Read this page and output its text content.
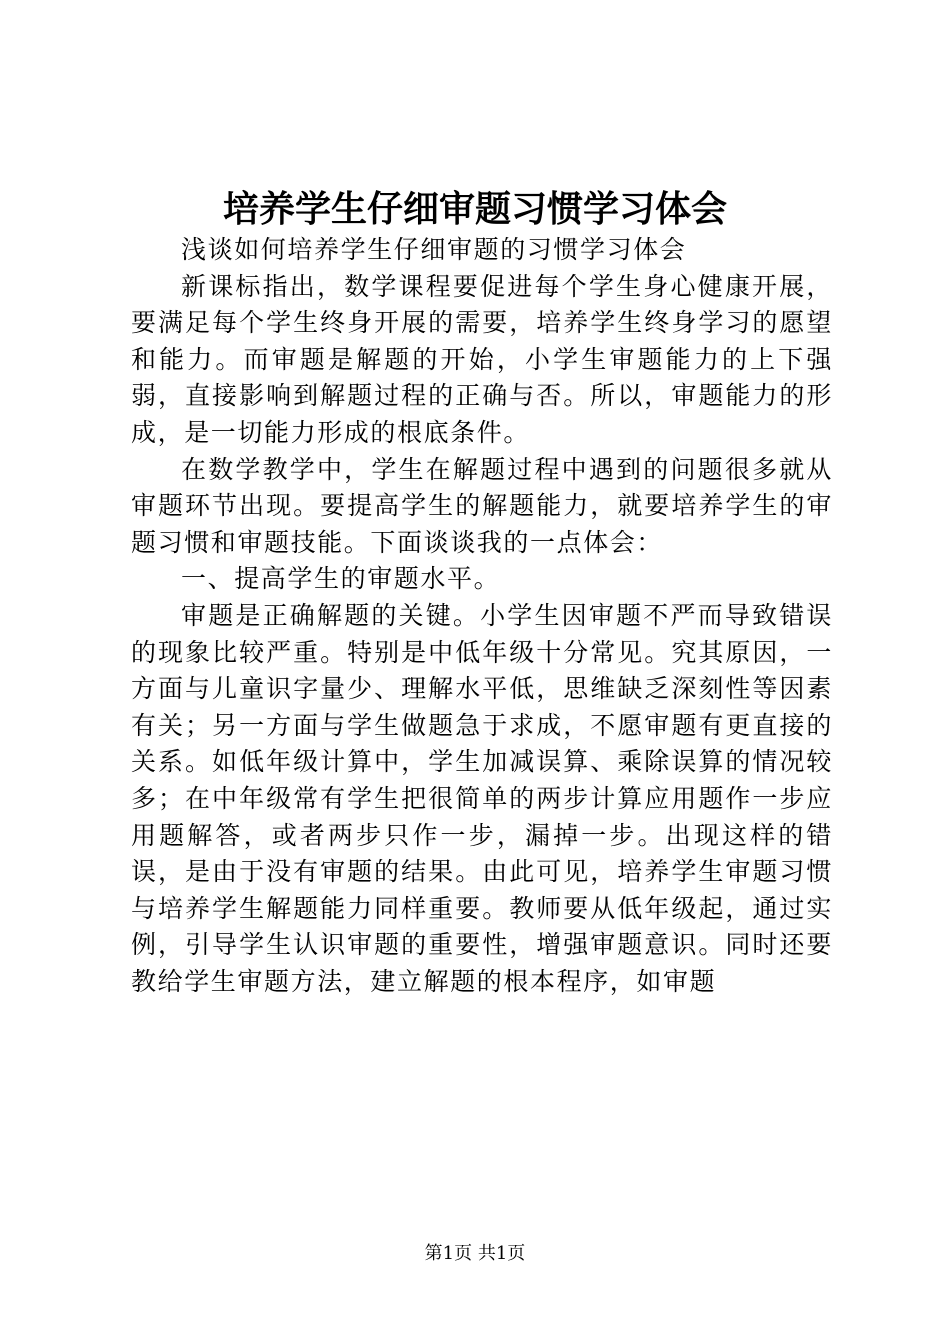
培养学生仔细审题习惯学习体会

浅谈如何培养学生仔细审题的习惯学习体会

新课标指出，数学课程要促进每个学生身心健康开展，要满足每个学生终身开展的需要，培养学生终身学习的愿望和能力。而审题是解题的开始，小学生审题能力的上下强弱，直接影响到解题过程的正确与否。所以，审题能力的形成，是一切能力形成的根底条件。

在数学教学中，学生在解题过程中遇到的问题很多就从审题环节出现。要提高学生的解题能力，就要培养学生的审题习惯和审题技能。下面谈谈我的一点体会：

一、提高学生的审题水平。

审题是正确解题的关键。小学生因审题不严而导致错误的现象比较严重。特别是中低年级十分常见。究其原因，一方面与儿童识字量少、理解水平低，思维缺乏深刻性等因素有关；另一方面与学生做题急于求成，不愿审题有更直接的关系。如低年级计算中，学生加减误算、乘除误算的情况较多；在中年级常有学生把很简单的两步计算应用题作一步应用题解答，或者两步只作一步，漏掉一步。出现这样的错误，是由于没有审题的结果。由此可见，培养学生审题习惯与培养学生解题能力同样重要。教师要从低年级起，通过实例，引导学生认识审题的重要性，增强审题意识。同时还要教给学生审题方法，建立解题的根本程序，如审题

第1页 共1页
